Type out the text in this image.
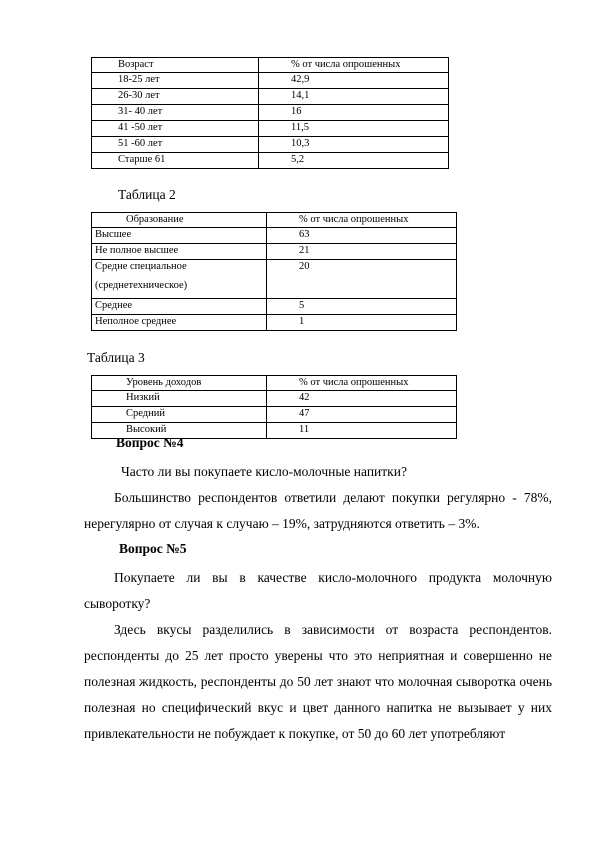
Возраст	% от числа опрошенных
18-25 лет	42,9
26-30 лет	14,1
31- 40 лет	16
41 -50 лет	11,5
51 -60 лет	10,3
Старше 61	5,2
Таблица 2
Образование	% от числа опрошенных
Высшее	63
Не полное высшее	21
Средне специальное	20
(среднетехническое)	
Среднее	5
Неполное среднее	1
Таблица 3
Уровень доходов	% от числа опрошенных
Низкий	42
Средний	47
Высокий	11
Вопрос №4

Часто ли вы покупаете кисло-молочные напитки?

Большинство респондентов ответили делают покупки регулярно - 78%, нерегулярно от случая к случаю – 19%, затрудняются ответить – 3%.

Вопрос №5

Покупаете ли вы в качестве кисло-молочного продукта молочную сыворотку?

Здесь вкусы разделились в зависимости от возраста респондентов. респонденты до 25 лет просто уверены что это неприятная и совершенно не полезная жидкость, респонденты до 50 лет знают что молочная сыворотка очень полезная но специфический вкус и цвет данного напитка не вызывает у них привлекательности не побуждает к покупке, от 50 до 60 лет употребляют
